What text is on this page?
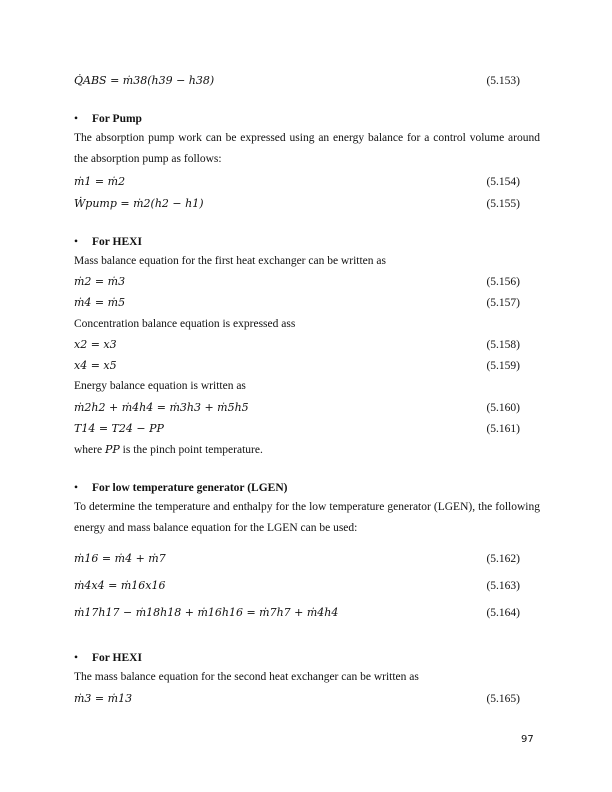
Q̇ABS = ṁ38(h39 − h38)	(5.153)
• For Pump
The absorption pump work can be expressed using an energy balance for a control volume around the absorption pump as follows:
ṁ1 = ṁ2	(5.154)
Ẇpump = ṁ2(h2 − h1)	(5.155)
• For HEXI
Mass balance equation for the first heat exchanger can be written as
ṁ2 = ṁ3	(5.156)
ṁ4 = ṁ5	(5.157)
Concentration balance equation is expressed ass
x2 = x3	(5.158)
x4 = x5	(5.159)
Energy balance equation is written as
ṁ2h2 + ṁ4h4 = ṁ3h3 + ṁ5h5	(5.160)
T14 = T24 − PP	(5.161)
where PP is the pinch point temperature.
• For low temperature generator (LGEN)
To determine the temperature and enthalpy for the low temperature generator (LGEN), the following energy and mass balance equation for the LGEN can be used:
ṁ16 = ṁ4 + ṁ7	(5.162)
ṁ4x4 = ṁ16x16	(5.163)
ṁ17h17 − ṁ18h18 + ṁ16h16 = ṁ7h7 + ṁ4h4	(5.164)
• For HEXI
The mass balance equation for the second heat exchanger can be written as
ṁ3 = ṁ13	(5.165)
97
